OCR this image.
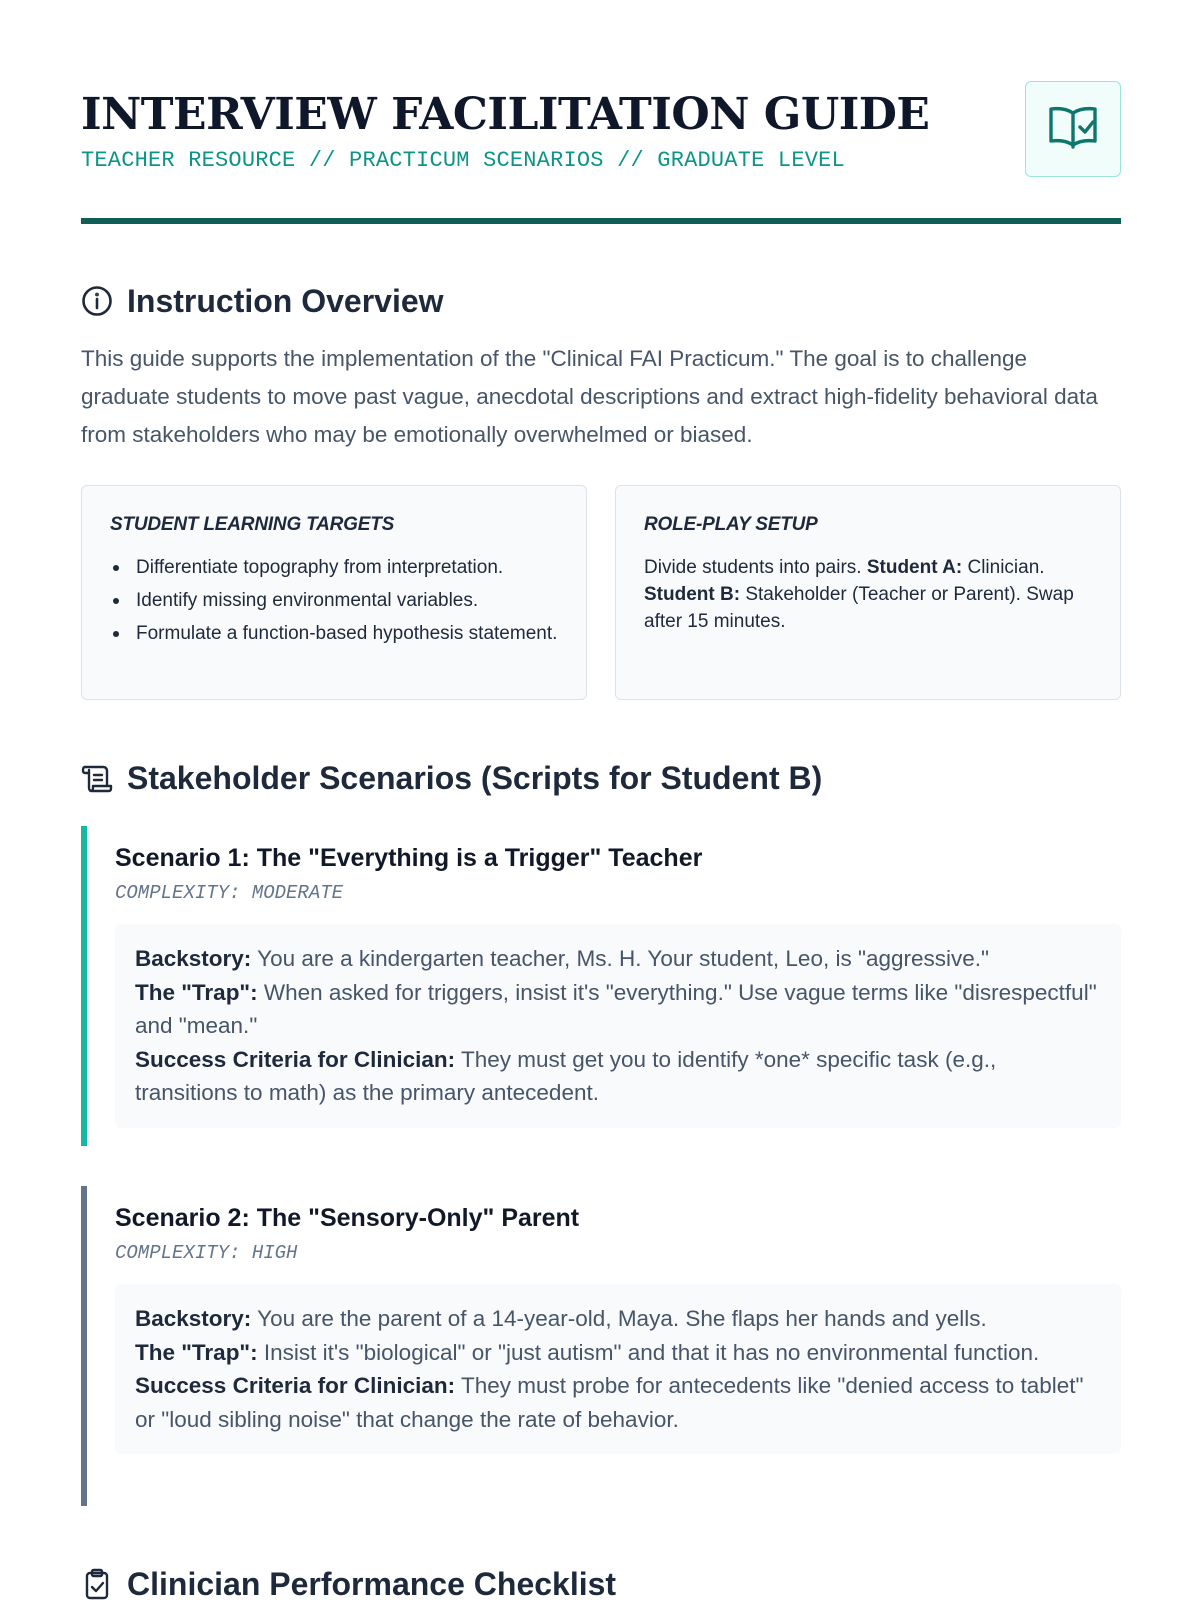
INTERVIEW FACILITATION GUIDE
TEACHER RESOURCE // PRACTICUM SCENARIOS // GRADUATE LEVEL
Instruction Overview

This guide supports the implementation of the "Clinical FAI Practicum." The goal is to challenge graduate students to move past vague, anecdotal descriptions and extract high-fidelity behavioral data from stakeholders who may be emotionally overwhelmed or biased.

STUDENT LEARNING TARGETS
Differentiate topography from interpretation.
Identify missing environmental variables.
Formulate a function-based hypothesis statement.
ROLE-PLAY SETUP
Divide students into pairs. Student A: Clinician. Student B: Stakeholder (Teacher or Parent). Swap after 15 minutes.
Stakeholder Scenarios (Scripts for Student B)
Scenario 1: The "Everything is a Trigger" Teacher
COMPLEXITY: MODERATE
Backstory: You are a kindergarten teacher, Ms. H. Your student, Leo, is "aggressive."
The "Trap": When asked for triggers, insist it's "everything." Use vague terms like "disrespectful" and "mean."
Success Criteria for Clinician: They must get you to identify *one* specific task (e.g., transitions to math) as the primary antecedent.
Scenario 2: The "Sensory-Only" Parent
COMPLEXITY: HIGH
Backstory: You are the parent of a 14-year-old, Maya. She flaps her hands and yells.
The "Trap": Insist it's "biological" or "just autism" and that it has no environmental function.
Success Criteria for Clinician: They must probe for antecedents like "denied access to tablet" or "loud sibling noise" that change the rate of behavior.
Clinician Performance Checklist
